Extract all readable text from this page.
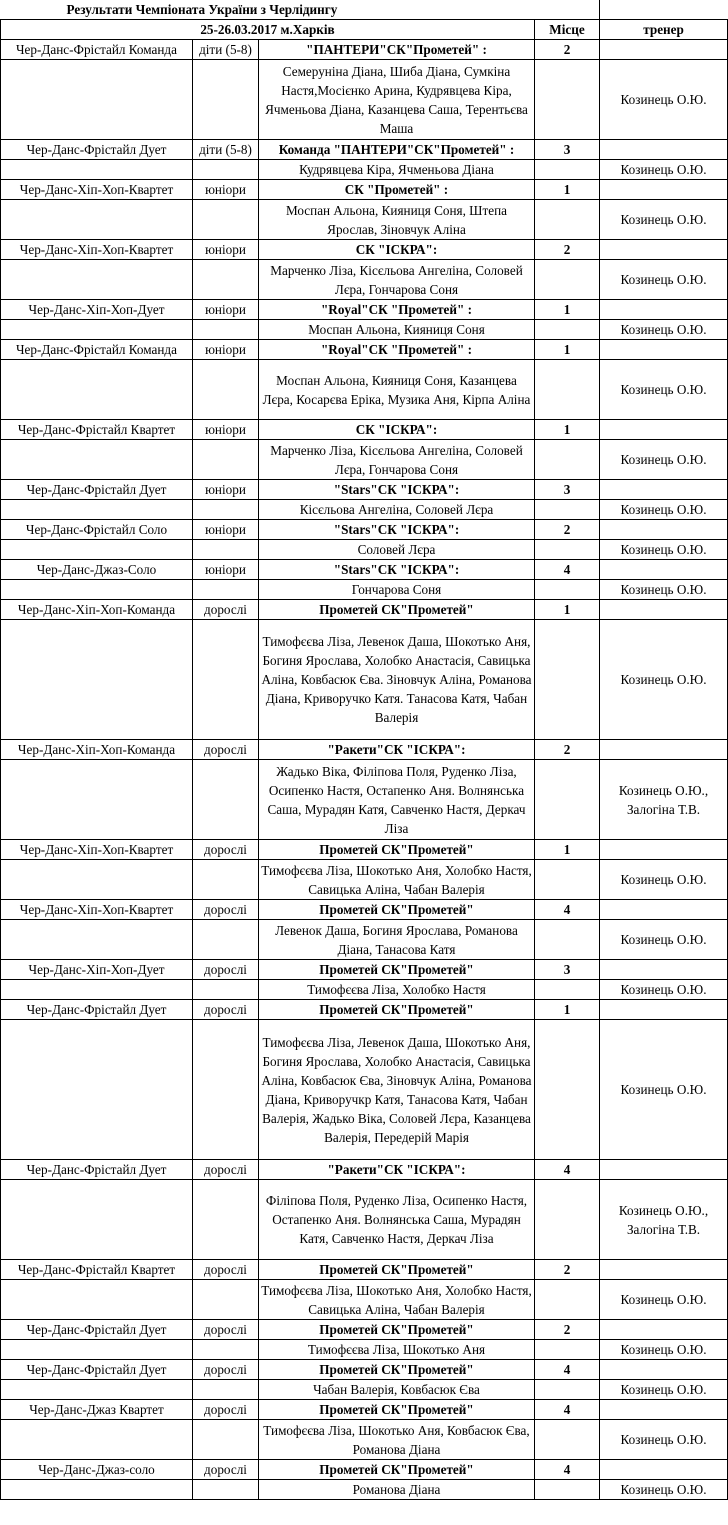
Результати Чемпіоната України з Черлідингу				
25-26.03.2017 м.Харків			Місце	тренер
Чер-Данс-Фрістайл Команда	діти (5-8)	"ПАНТЕРИ"СК"Прометей" :	2	
		Семеруніна Діана, Шиба Діана, Сумкіна Настя,Мосієнко Арина, Кудрявцева Кіра, Ячменьова Діана, Казанцева Саша, Терентьєва Маша		Козинець О.Ю.
Чер-Данс-Фрістайл Дует	діти (5-8)	Команда "ПАНТЕРИ"СК"Прометей" :	3	
		Кудрявцева Кіра, Ячменьова Діана		Козинець О.Ю.
Чер-Данс-Хіп-Хоп-Квартет	юніори	СК "Прометей" :	1	
		Моспан Альона, Кияниця Соня, Штепа Ярослав, Зіновчук Аліна		Козинець О.Ю.
Чер-Данс-Хіп-Хоп-Квартет	юніори	СК "ІСКРА":	2	
		Марченко Ліза, Кісєльова Ангеліна, Соловей Лєра, Гончарова Соня		Козинець О.Ю.
Чер-Данс-Хіп-Хоп-Дует	юніори	"Royal"СК "Прометей" :	1	
		Моспан Альона, Кияниця Соня		Козинець О.Ю.
Чер-Данс-Фрістайл Команда	юніори	"Royal"СК "Прометей" :	1	
		Моспан Альона, Кияниця Соня, Казанцева Лєра, Косарєва Еріка, Музика Аня, Кірпа Аліна		Козинець О.Ю.
Чер-Данс-Фрістайл Квартет	юніори	СК "ІСКРА":	1	
		Марченко Ліза, Кісєльова Ангеліна, Соловей Лєра, Гончарова Соня		Козинець О.Ю.
Чер-Данс-Фрістайл Дует	юніори	"Stars"СК "ІСКРА":	3	
		Кісєльова Ангеліна, Соловей Лєра		Козинець О.Ю.
Чер-Данс-Фрістайл Соло	юніори	"Stars"СК "ІСКРА":	2	
		Соловей Лєра		Козинець О.Ю.
Чер-Данс-Джаз-Соло	юніори	"Stars"СК "ІСКРА":	4	
		Гончарова Соня		Козинець О.Ю.
Чер-Данс-Хіп-Хоп-Команда	дорослі	Прометей СК"Прометей"	1	
		Тимофєєва Ліза, Левенок Даша, Шокотько Аня, Богиня Ярослава, Холобко Анастасія, Савицька Аліна, Ковбасюк Єва. Зіновчук Аліна, Романова Діана, Криворучко Катя. Танасова Катя, Чабан Валерія		Козинець О.Ю.
Чер-Данс-Хіп-Хоп-Команда	дорослі	"Ракети"СК "ІСКРА":	2	
		Жадько Віка, Філіпова Поля, Руденко Ліза, Осипенко Настя, Остапенко Аня. Волнянська Саша, Мурадян Катя, Савченко Настя, Деркач Ліза		Козинець О.Ю., Залогіна Т.В.
Чер-Данс-Хіп-Хоп-Квартет	дорослі	Прометей СК"Прометей"	1	
		Тимофєєва Ліза, Шокотько Аня, Холобко Настя, Савицька Аліна, Чабан Валерія		Козинець О.Ю.
Чер-Данс-Хіп-Хоп-Квартет	дорослі	Прометей СК"Прометей"	4	
		Левенок Даша, Богиня Ярослава, Романова Діана, Танасова Катя		Козинець О.Ю.
Чер-Данс-Хіп-Хоп-Дует	дорослі	Прометей СК"Прометей"	3	
		Тимофєєва Ліза, Холобко Настя		Козинець О.Ю.
Чер-Данс-Фрістайл Дует	дорослі	Прометей СК"Прометей"	1	
		Тимофєєва Ліза, Левенок Даша, Шокотько Аня, Богиня Ярослава, Холобко Анастасія, Савицька Аліна, Ковбасюк Єва, Зіновчук Аліна, Романова Діана, Криворучкр Катя, Танасова Катя, Чабан Валерія, Жадько Віка, Соловей Лєра, Казанцева Валерія, Передерій Марія		Козинець О.Ю.
Чер-Данс-Фрістайл Дует	дорослі	"Ракети"СК "ІСКРА":	4	
		Філіпова Поля, Руденко Ліза, Осипенко Настя, Остапенко Аня. Волнянська Саша, Мурадян Катя, Савченко Настя, Деркач Ліза		Козинець О.Ю., Залогіна Т.В.
Чер-Данс-Фрістайл Квартет	дорослі	Прометей СК"Прометей"	2	
		Тимофєєва Ліза, Шокотько Аня, Холобко Настя, Савицька Аліна, Чабан Валерія		Козинець О.Ю.
Чер-Данс-Фрістайл Дует	дорослі	Прометей СК"Прометей"	2	
		Тимофєєва Ліза, Шокотько Аня		Козинець О.Ю.
Чер-Данс-Фрістайл Дует	дорослі	Прометей СК"Прометей"	4	
		Чабан Валерія, Ковбасюк Єва		Козинець О.Ю.
Чер-Данс-Джаз Квартет	дорослі	Прометей СК"Прометей"	4	
		Тимофєєва Ліза, Шокотько Аня, Ковбасюк Єва, Романова Діана		Козинець О.Ю.
Чер-Данс-Джаз-соло	дорослі	Прометей СК"Прометей"	4	
		Романова Діана		Козинець О.Ю.
